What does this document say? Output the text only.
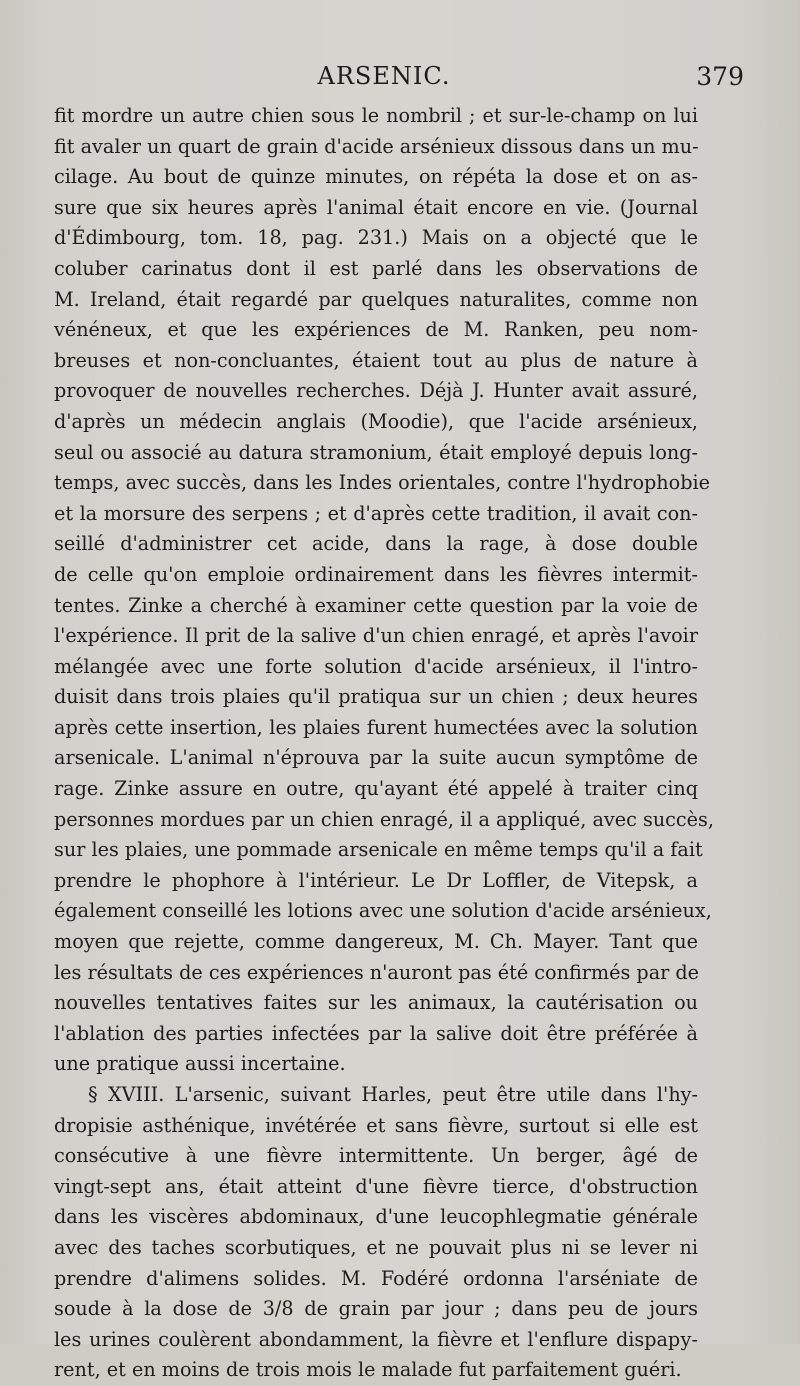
ARSENIC.	379
fit mordre un autre chien sous le nombril ; et sur-le-champ on lui
fit avaler un quart de grain d'acide arsénieux dissous dans un mu-
cilage. Au bout de quinze minutes, on répéta la dose et on as-
sure que six heures après l'animal était encore en vie. (Journal
d'Édimbourg, tom. 18, pag. 231.) Mais on a objecté que le
coluber carinatus dont il est parlé dans les observations de
M. Ireland, était regardé par quelques naturalites, comme non
vénéneux, et que les expériences de M. Ranken, peu nom-
breuses et non-concluantes, étaient tout au plus de nature à
provoquer de nouvelles recherches. Déjà J. Hunter avait assuré,
d'après un médecin anglais (Moodie), que l'acide arsénieux,
seul ou associé au datura stramonium, était employé depuis long-
temps, avec succès, dans les Indes orientales, contre l'hydrophobie
et la morsure des serpens ; et d'après cette tradition, il avait con-
seillé d'administrer cet acide, dans la rage, à dose double
de celle qu'on emploie ordinairement dans les fièvres intermit-
tentes. Zinke a cherché à examiner cette question par la voie de
l'expérience. Il prit de la salive d'un chien enragé, et après l'avoir
mélangée avec une forte solution d'acide arsénieux, il l'intro-
duisit dans trois plaies qu'il pratiqua sur un chien ; deux heures
après cette insertion, les plaies furent humectées avec la solution
arsenicale. L'animal n'éprouva par la suite aucun symptôme de
rage. Zinke assure en outre, qu'ayant été appelé à traiter cinq
personnes mordues par un chien enragé, il a appliqué, avec succès,
sur les plaies, une pommade arsenicale en même temps qu'il a fait
prendre le phophore à l'intérieur. Le Dr Loffler, de Vitepsk, a
également conseillé les lotions avec une solution d'acide arsénieux,
moyen que rejette, comme dangereux, M. Ch. Mayer. Tant que
les résultats de ces expériences n'auront pas été confirmés par de
nouvelles tentatives faites sur les animaux, la cautérisation ou
l'ablation des parties infectées par la salive doit être préférée à
une pratique aussi incertaine.
§ XVIII. L'arsenic, suivant Harles, peut être utile dans l'hy-
dropisie asthénique, invétérée et sans fièvre, surtout si elle est
consécutive à une fièvre intermittente. Un berger, âgé de
vingt-sept ans, était atteint d'une fièvre tierce, d'obstruction
dans les viscères abdominaux, d'une leucophlegmatie générale
avec des taches scorbutiques, et ne pouvait plus ni se lever ni
prendre d'alimens solides. M. Fodéré ordonna l'arséniate de
soude à la dose de 3/8 de grain par jour ; dans peu de jours
les urines coulèrent abondamment, la fièvre et l'enflure dispару-
rent, et en moins de trois mois le malade fut parfaitement guéri.
